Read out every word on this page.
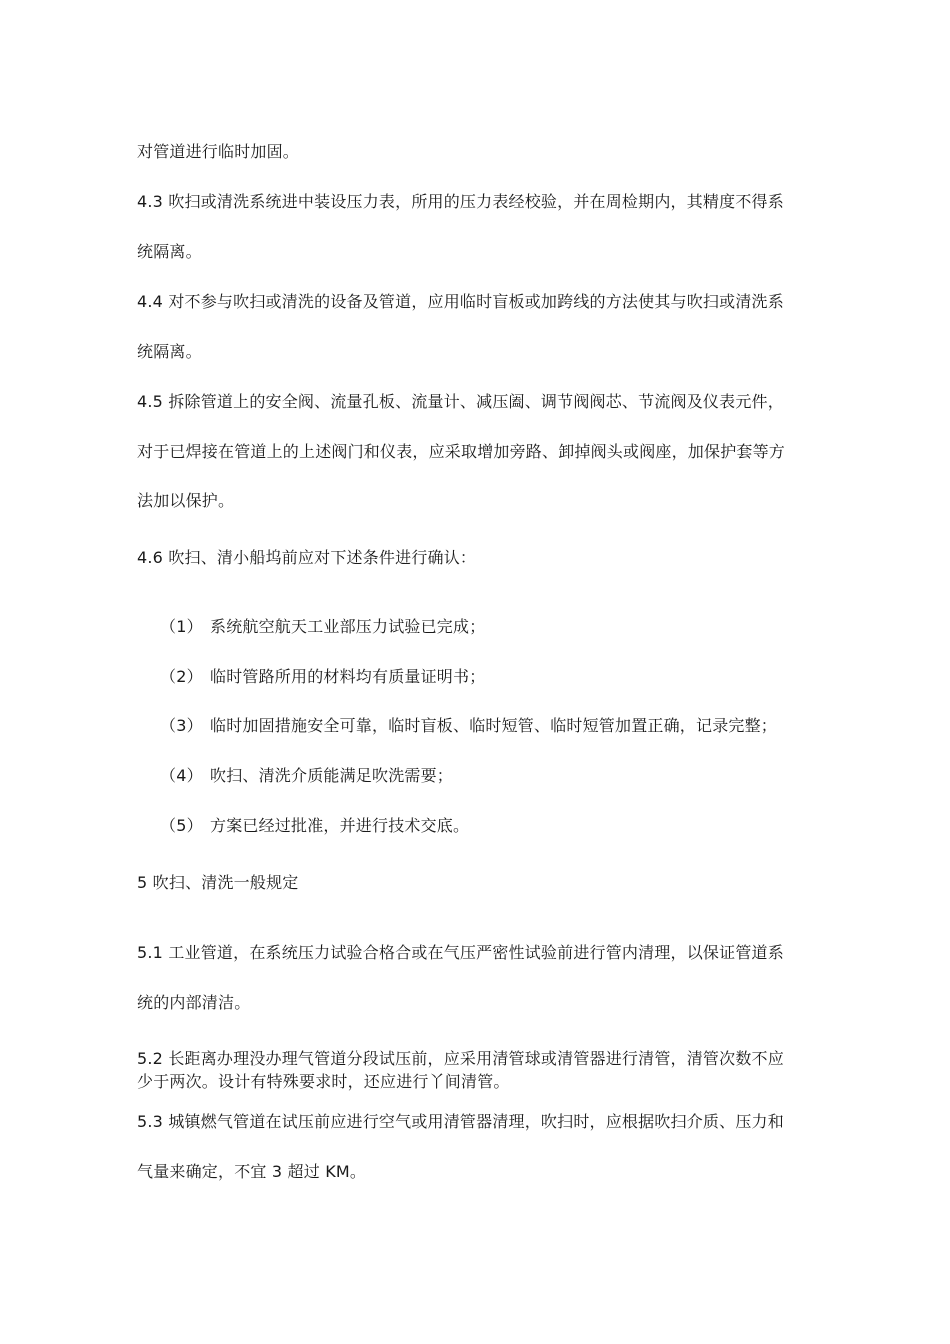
对管道进行临时加固。
4.3 吹扫或清洗系统进中装设压力表，所用的压力表经校验，并在周检期内，其精度不得系
统隔离。
4.4 对不参与吹扫或清洗的设备及管道，应用临时盲板或加跨线的方法使其与吹扫或清洗系
统隔离。
4.5 拆除管道上的安全阀、流量孔板、流量计、减压阖、调节阀阀芯、节流阀及仪表元件，
对于已焊接在管道上的上述阀门和仪表，应采取增加旁路、卸掉阀头或阀座，加保护套等方
法加以保护。
4.6 吹扫、清小船坞前应对下述条件进行确认：
（1） 系统航空航天工业部压力试验已完成；
（2） 临时管路所用的材料均有质量证明书；
（3） 临时加固措施安全可靠，临时盲板、临时短管、临时短管加置正确，记录完整；
（4） 吹扫、清洗介质能满足吹洗需要；
（5） 方案已经过批准，并进行技术交底。
5 吹扫、清洗一般规定
5.1 工业管道，在系统压力试验合格合或在气压严密性试验前进行管内清理，以保证管道系
统的内部清洁。
5.2 长距离办理没办理气管道分段试压前，应采用清管球或清管器进行清管，清管次数不应
少于两次。设计有特殊要求时，还应进行丫间清管。
5.3 城镇燃气管道在试压前应进行空气或用清管器清理，吹扫时，应根据吹扫介质、压力和
气量来确定，不宜 3 超过 KM。
